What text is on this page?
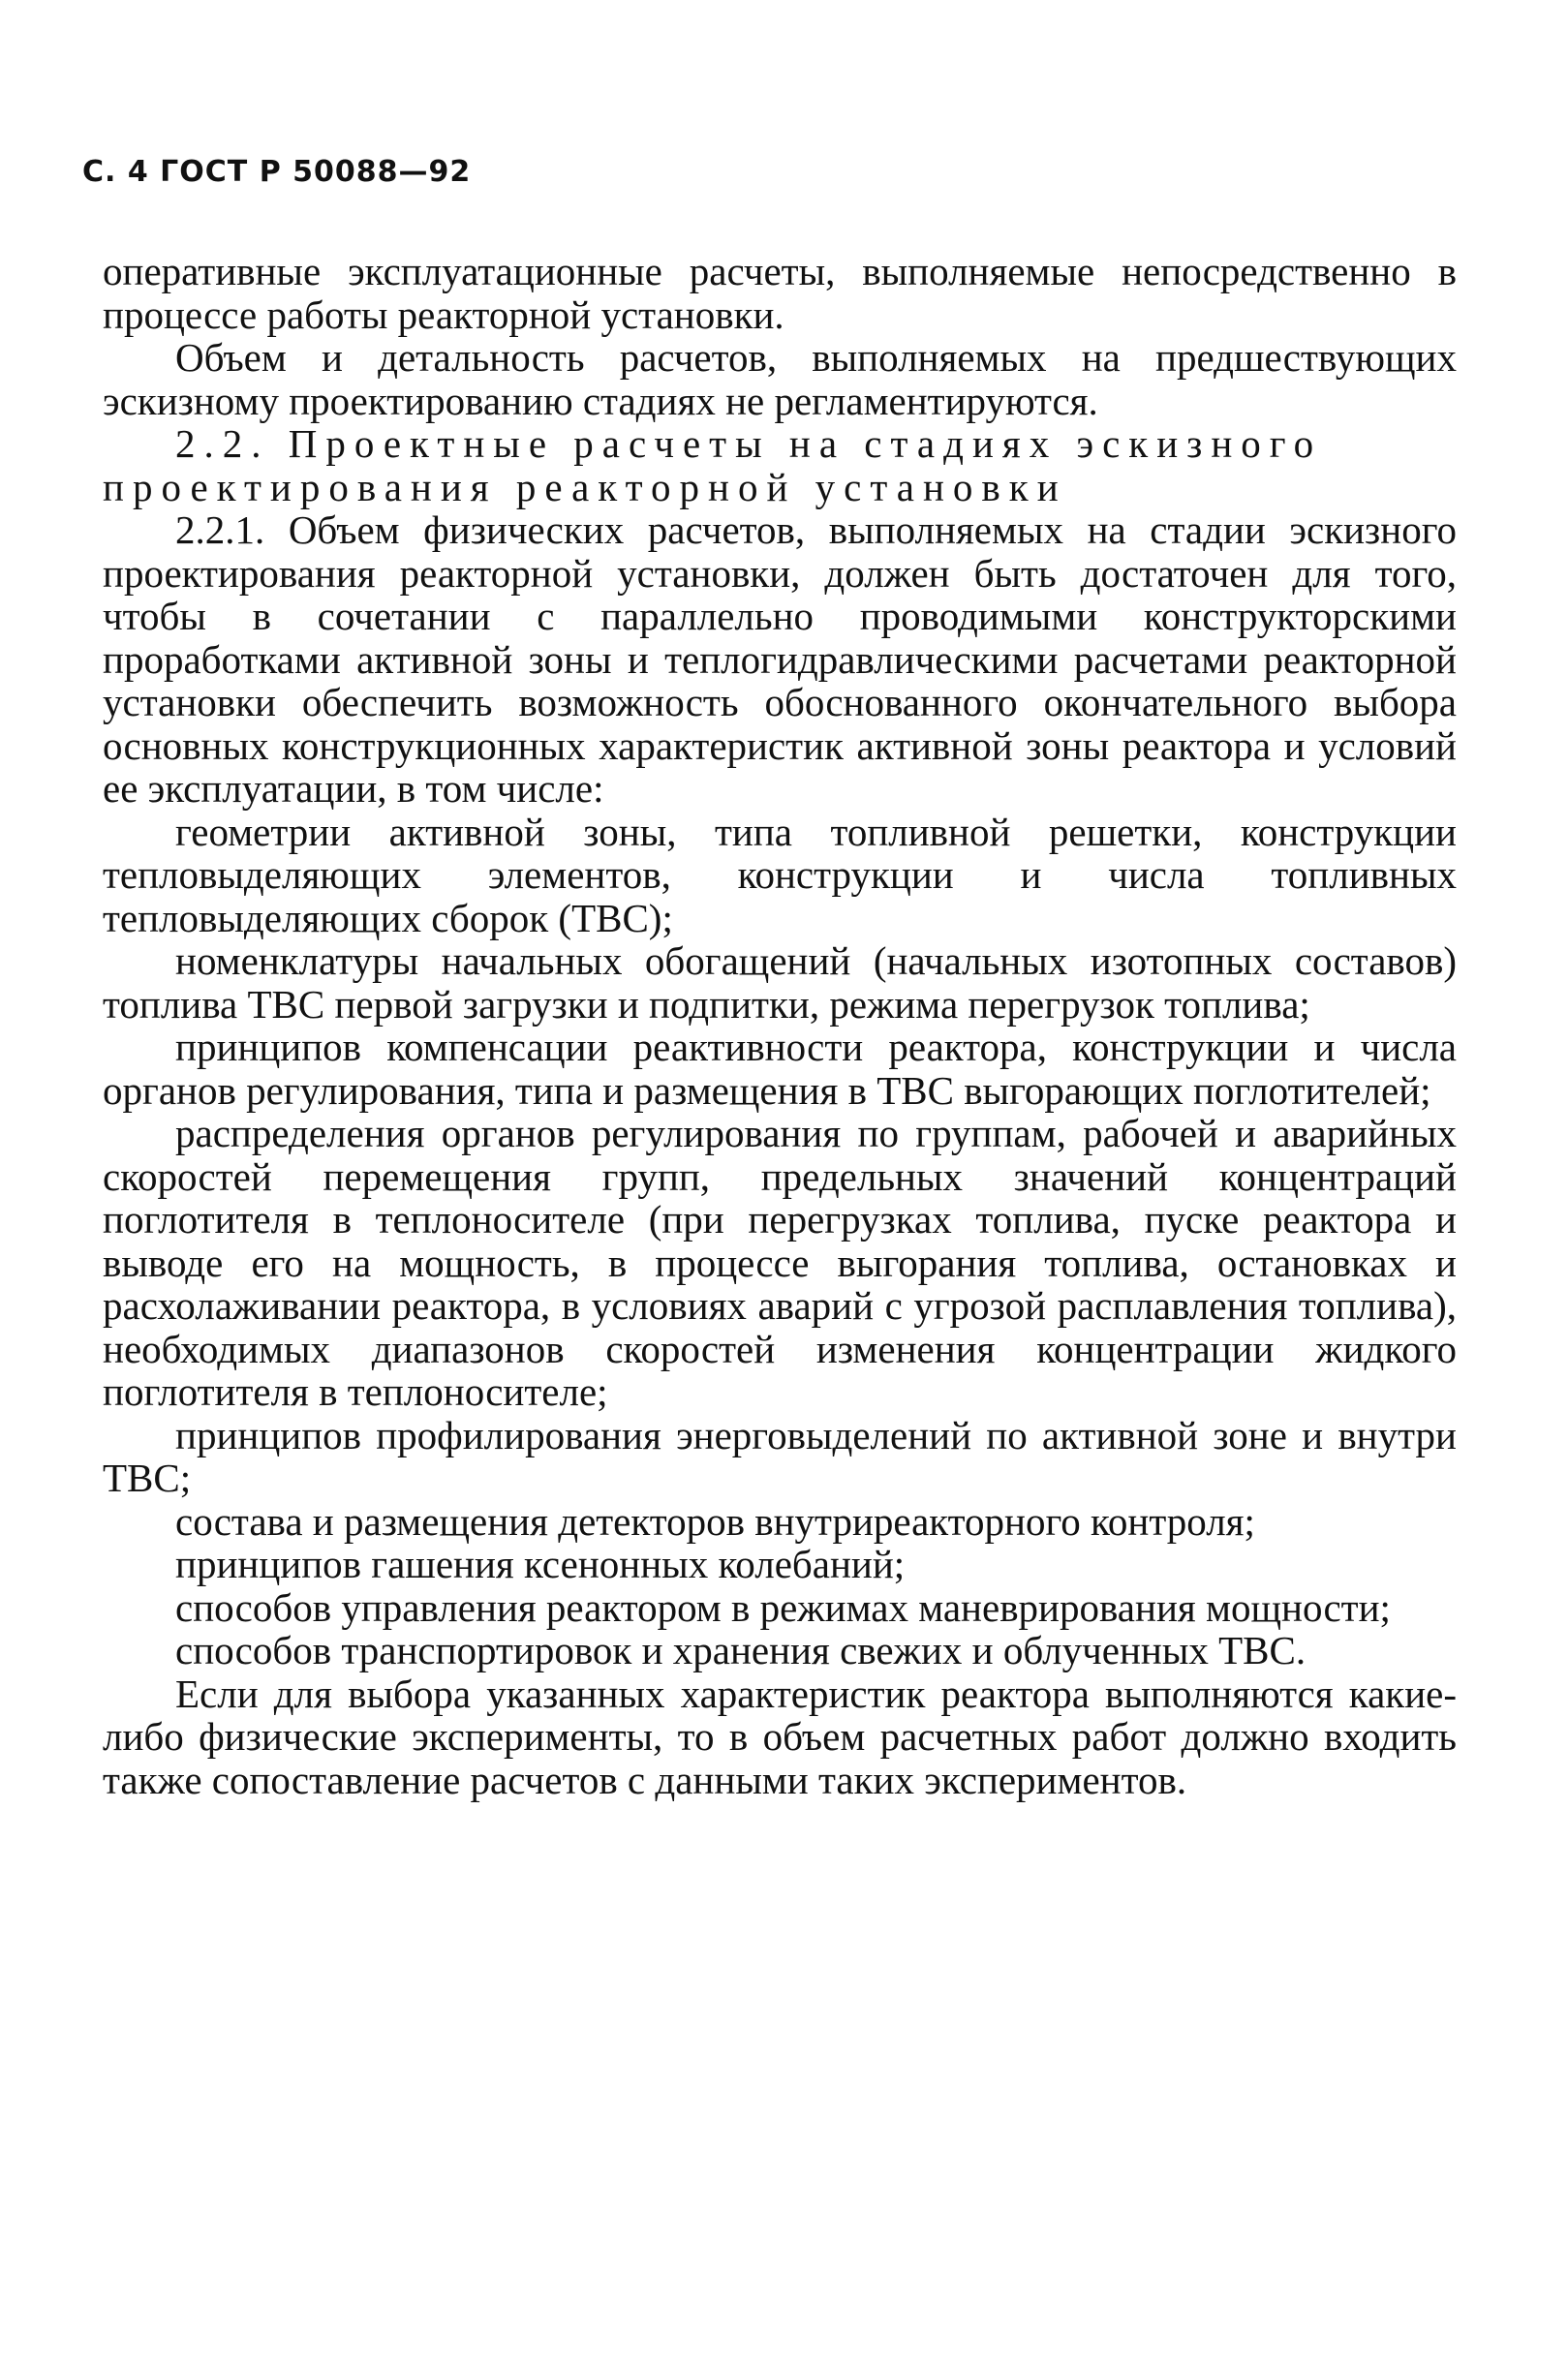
С. 4 ГОСТ Р 50088—92

оперативные эксплуатационные расчеты, выполняемые непосредственно в процессе работы реакторной установки.

Объем и детальность расчетов, выполняемых на предшествующих эскизному проектированию стадиях не регламентируются.

2.2. Проектные расчеты на стадиях эскизного проектирования реакторной установки

2.2.1. Объем физических расчетов, выполняемых на стадии эскизного проектирования реакторной установки, должен быть достаточен для того, чтобы в сочетании с параллельно проводимыми конструкторскими проработками активной зоны и теплогидравлическими расчетами реакторной установки обеспечить возможность обоснованного окончательного выбора основных конструкционных характеристик активной зоны реактора и условий ее эксплуатации, в том числе:

геометрии активной зоны, типа топливной решетки, конструкции тепловыделяющих элементов, конструкции и числа топливных тепловыделяющих сборок (ТВС);

номенклатуры начальных обогащений (начальных изотопных составов) топлива ТВС первой загрузки и подпитки, режима перегрузок топлива;

принципов компенсации реактивности реактора, конструкции и числа органов регулирования, типа и размещения в ТВС выгорающих поглотителей;

распределения органов регулирования по группам, рабочей и аварийных скоростей перемещения групп, предельных значений концентраций поглотителя в теплоносителе (при перегрузках топлива, пуске реактора и выводе его на мощность, в процессе выгорания топлива, остановках и расхолаживании реактора, в условиях аварий с угрозой расплавления топлива), необходимых диапазонов скоростей изменения концентрации жидкого поглотителя в теплоносителе;

принципов профилирования энерговыделений по активной зоне и внутри ТВС;

состава и размещения детекторов внутриреакторного контроля;

принципов гашения ксенонных колебаний;

способов управления реактором в режимах маневрирования мощности;

способов транспортировок и хранения свежих и облученных ТВС.

Если для выбора указанных характеристик реактора выполняются какие-либо физические эксперименты, то в объем расчетных работ должно входить также сопоставление расчетов с данными таких экспериментов.
